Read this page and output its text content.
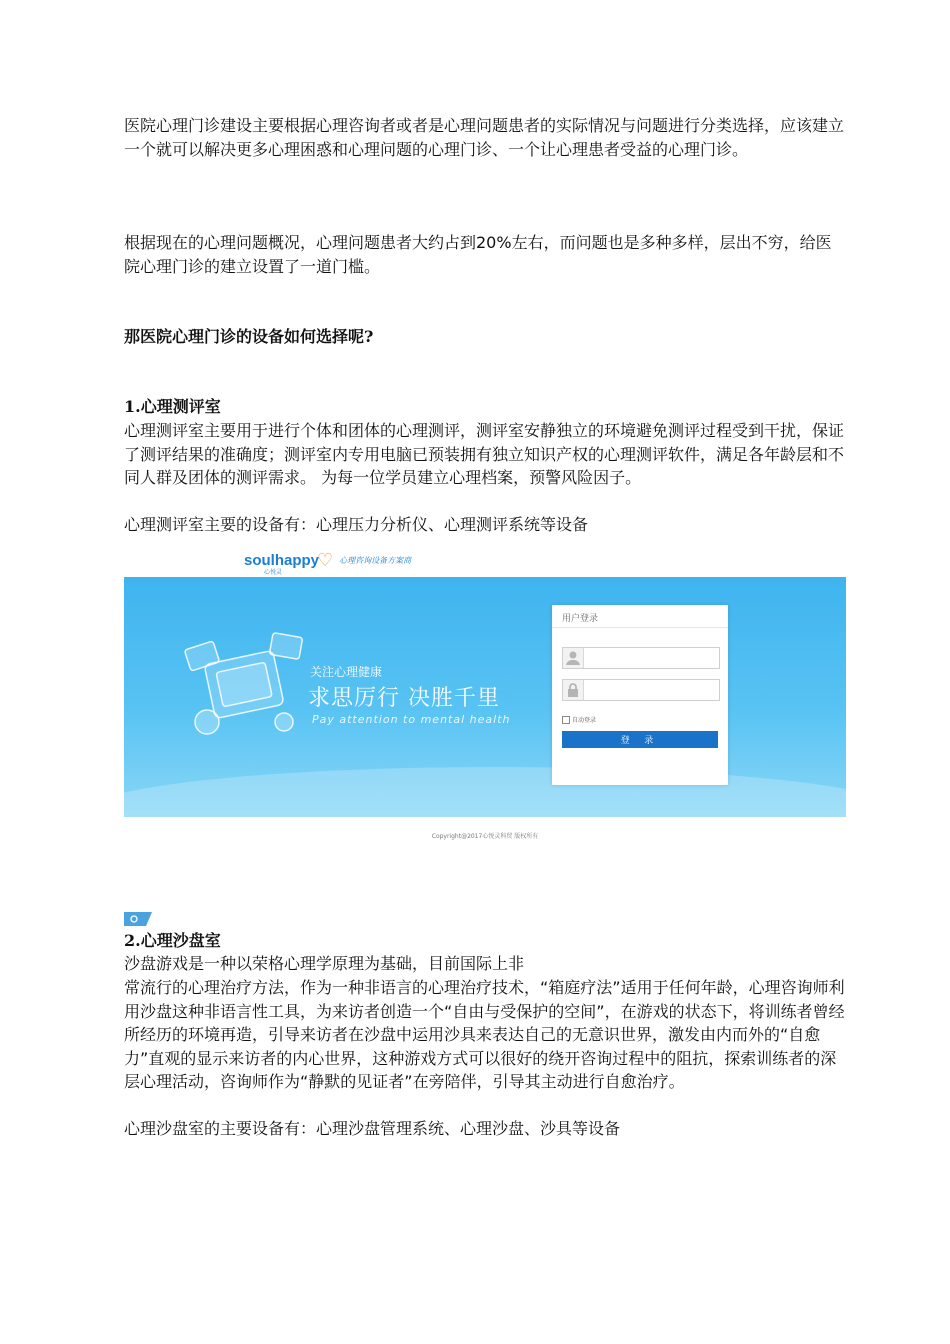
医院心理门诊建设主要根据心理咨询者或者是心理问题患者的实际情况与问题进行分类选择，应该建立一个就可以解决更多心理困惑和心理问题的心理门诊、一个让心理患者受益的心理门诊。

根据现在的心理问题概况，心理问题患者大约占到20%左右，而问题也是多种多样，层出不穷，给医院心理门诊的建立设置了一道门槛。

那医院心理门诊的设备如何选择呢?

1.心理测评室

心理测评室主要用于进行个体和团体的心理测评，测评室安静独立的环境避免测评过程受到干扰，保证了测评结果的准确度；测评室内专用电脑已预装拥有独立知识产权的心理测评软件，满足各年龄层和不同人群及团体的测评需求。 为每一位学员建立心理档案，预警风险因子。

心理测评室主要的设备有：心理压力分析仪、心理测评系统等设备

soulhappy
♡
心悦灵
心理咨询设备方案商
关注心理健康
求思厉行 决胜千里
Pay attention to mental health
用户登录
自动登录
登 录
Copyright@2017心悦灵科贸 版权所有

2.心理沙盘室

沙盘游戏是一种以荣格心理学原理为基础，目前国际上非

常流行的心理治疗方法，作为一种非语言的心理治疗技术，“箱庭疗法”适用于任何年龄，心理咨询师利用沙盘这种非语言性工具，为来访者创造一个“自由与受保护的空间”，在游戏的状态下，将训练者曾经所经历的环境再造，引导来访者在沙盘中运用沙具来表达自己的无意识世界，激发由内而外的“自愈力”直观的显示来访者的内心世界，这种游戏方式可以很好的绕开咨询过程中的阻抗，探索训练者的深层心理活动，咨询师作为“静默的见证者”在旁陪伴，引导其主动进行自愈治疗。

心理沙盘室的主要设备有：心理沙盘管理系统、心理沙盘、沙具等设备
